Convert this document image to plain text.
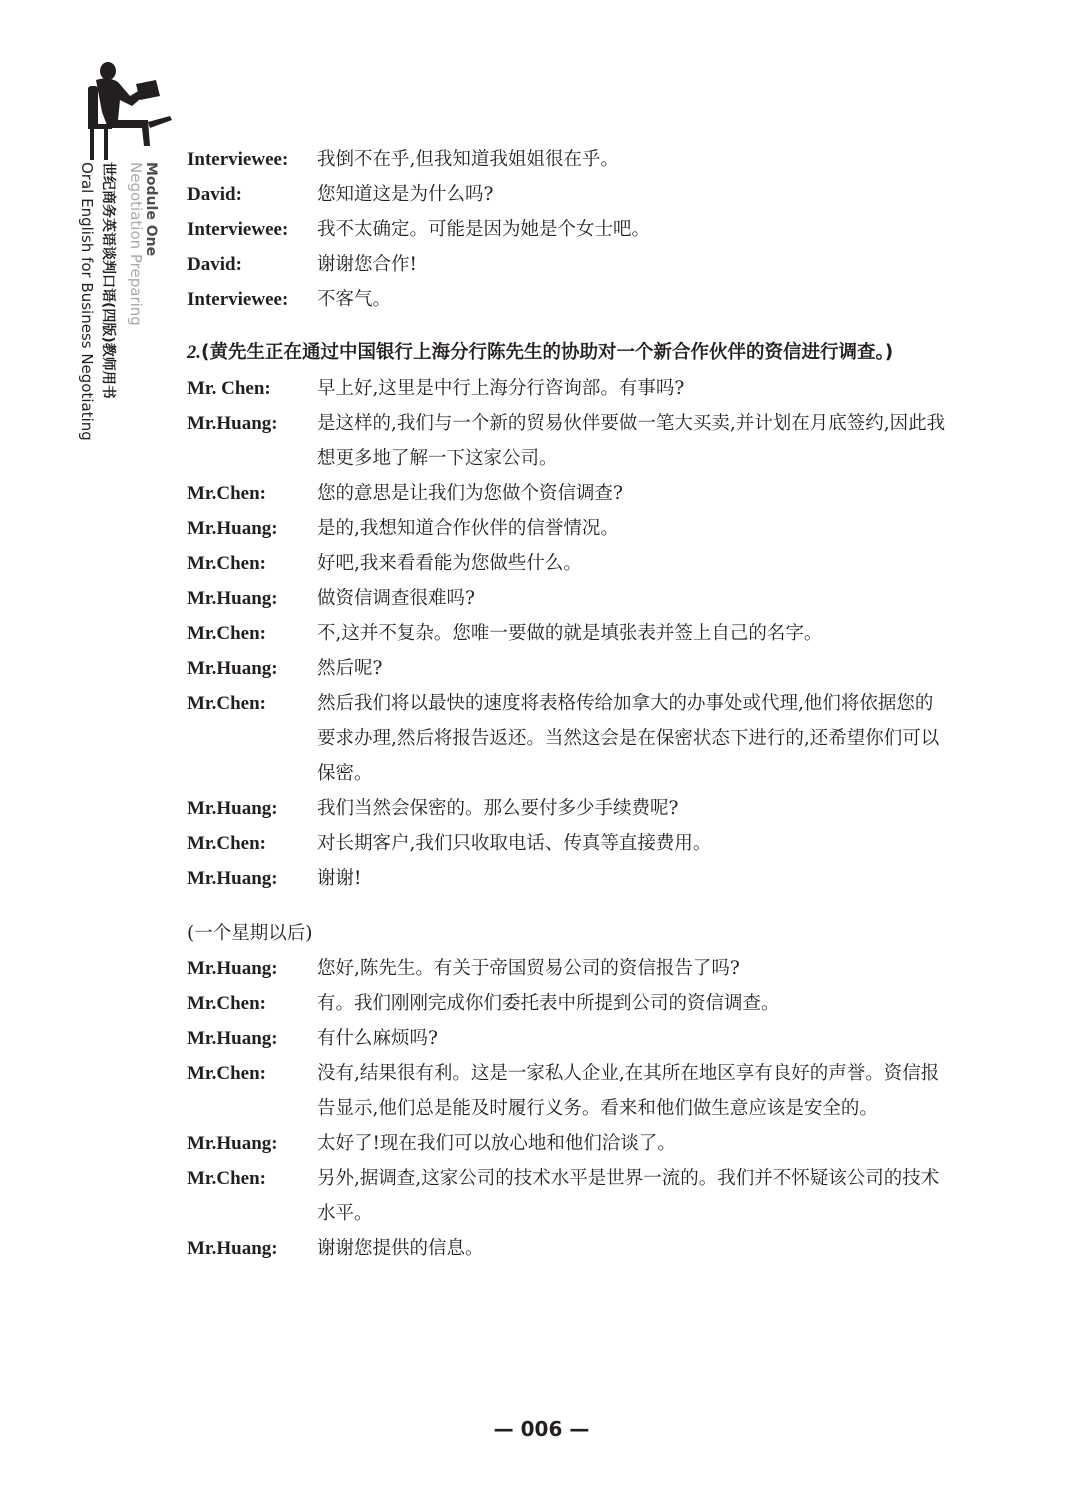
Module One
Negotiation Preparing
世纪商务英语谈判口语(四版)教师用书
Oral English for Business Negotiating
Interviewee:	我倒不在乎,但我知道我姐姐很在乎。
David:	您知道这是为什么吗?
Interviewee:	我不太确定。可能是因为她是个女士吧。
David:	谢谢您合作!
Interviewee:	不客气。
2.(黄先生正在通过中国银行上海分行陈先生的协助对一个新合作伙伴的资信进行调查。)
Mr. Chen:	早上好,这里是中行上海分行咨询部。有事吗?
Mr.Huang:	是这样的,我们与一个新的贸易伙伴要做一笔大买卖,并计划在月底签约,因此我想更多地了解一下这家公司。
Mr.Chen:	您的意思是让我们为您做个资信调查?
Mr.Huang:	是的,我想知道合作伙伴的信誉情况。
Mr.Chen:	好吧,我来看看能为您做些什么。
Mr.Huang:	做资信调查很难吗?
Mr.Chen:	不,这并不复杂。您唯一要做的就是填张表并签上自己的名字。
Mr.Huang:	然后呢?
Mr.Chen:	然后我们将以最快的速度将表格传给加拿大的办事处或代理,他们将依据您的要求办理,然后将报告返还。当然这会是在保密状态下进行的,还希望你们可以保密。
Mr.Huang:	我们当然会保密的。那么要付多少手续费呢?
Mr.Chen:	对长期客户,我们只收取电话、传真等直接费用。
Mr.Huang:	谢谢!
(一个星期以后)
Mr.Huang:	您好,陈先生。有关于帝国贸易公司的资信报告了吗?
Mr.Chen:	有。我们刚刚完成你们委托表中所提到公司的资信调查。
Mr.Huang:	有什么麻烦吗?
Mr.Chen:	没有,结果很有利。这是一家私人企业,在其所在地区享有良好的声誉。资信报告显示,他们总是能及时履行义务。看来和他们做生意应该是安全的。
Mr.Huang:	太好了!现在我们可以放心地和他们洽谈了。
Mr.Chen:	另外,据调查,这家公司的技术水平是世界一流的。我们并不怀疑该公司的技术水平。
Mr.Huang:	谢谢您提供的信息。
— 006 —
